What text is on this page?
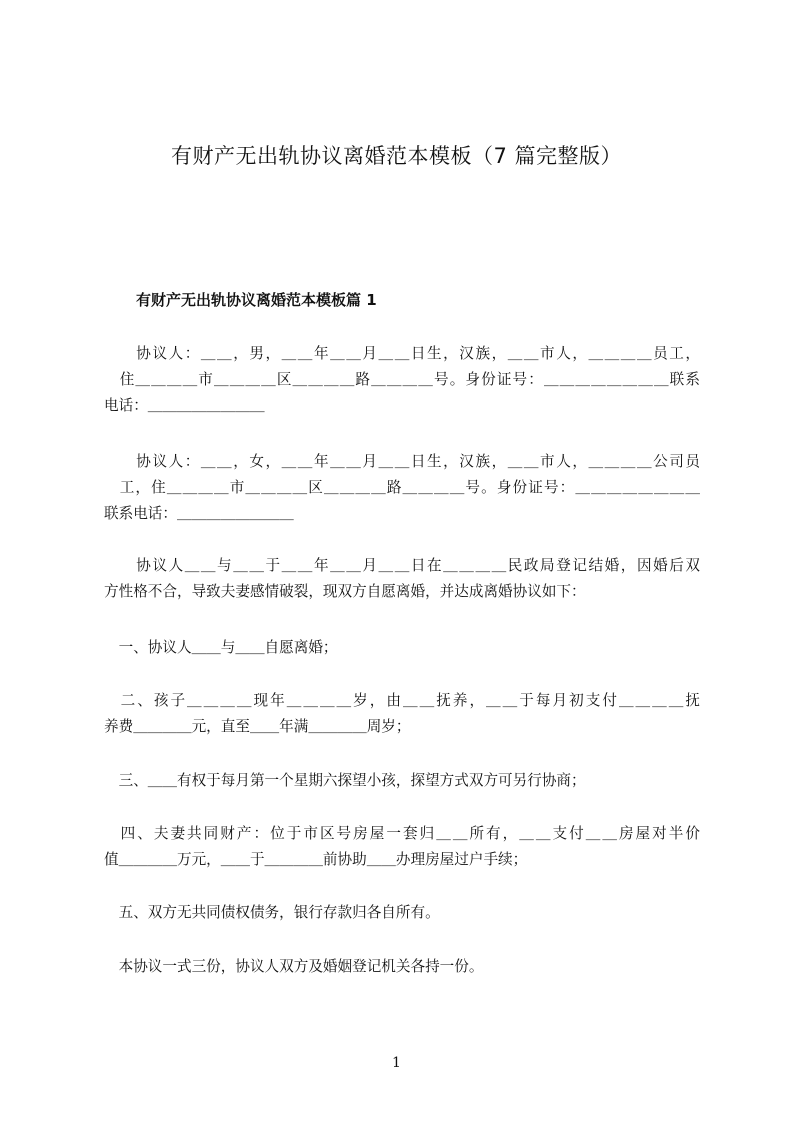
有财产无出轨协议离婚范本模板（7 篇完整版）
有财产无出轨协议离婚范本模板篇 1
　　协议人：＿＿，男，＿＿年＿＿月＿＿日生，汉族，＿＿市人，＿＿＿＿员工，
　住＿＿＿＿市＿＿＿＿区＿＿＿＿路＿＿＿＿号。身份证号：＿＿＿＿＿＿＿＿联系
电话：＿＿＿＿＿＿＿＿
　　协议人：＿＿，女，＿＿年＿＿月＿＿日生，汉族，＿＿市人，＿＿＿＿公司员
　工，住＿＿＿＿市＿＿＿＿区＿＿＿＿路＿＿＿＿号。身份证号：＿＿＿＿＿＿＿＿
联系电话：＿＿＿＿＿＿＿＿
　　协议人＿＿与＿＿于＿＿年＿＿月＿＿日在＿＿＿＿民政局登记结婚，因婚后双
方性格不合，导致夫妻感情破裂，现双方自愿离婚，并达成离婚协议如下：
　一、协议人＿＿与＿＿自愿离婚；
　二、孩子＿＿＿＿现年＿＿＿＿岁，由＿＿抚养，＿＿于每月初支付＿＿＿＿抚
养费＿＿＿＿元，直至＿＿年满＿＿＿＿周岁；
　三、＿＿有权于每月第一个星期六探望小孩，探望方式双方可另行协商；
　四、夫妻共同财产：位于市区号房屋一套归＿＿所有，＿＿支付＿＿房屋对半价
值＿＿＿＿万元，＿＿于＿＿＿＿前协助＿＿办理房屋过户手续；
　五、双方无共同债权债务，银行存款归各自所有。
　本协议一式三份，协议人双方及婚姻登记机关各持一份。
1
